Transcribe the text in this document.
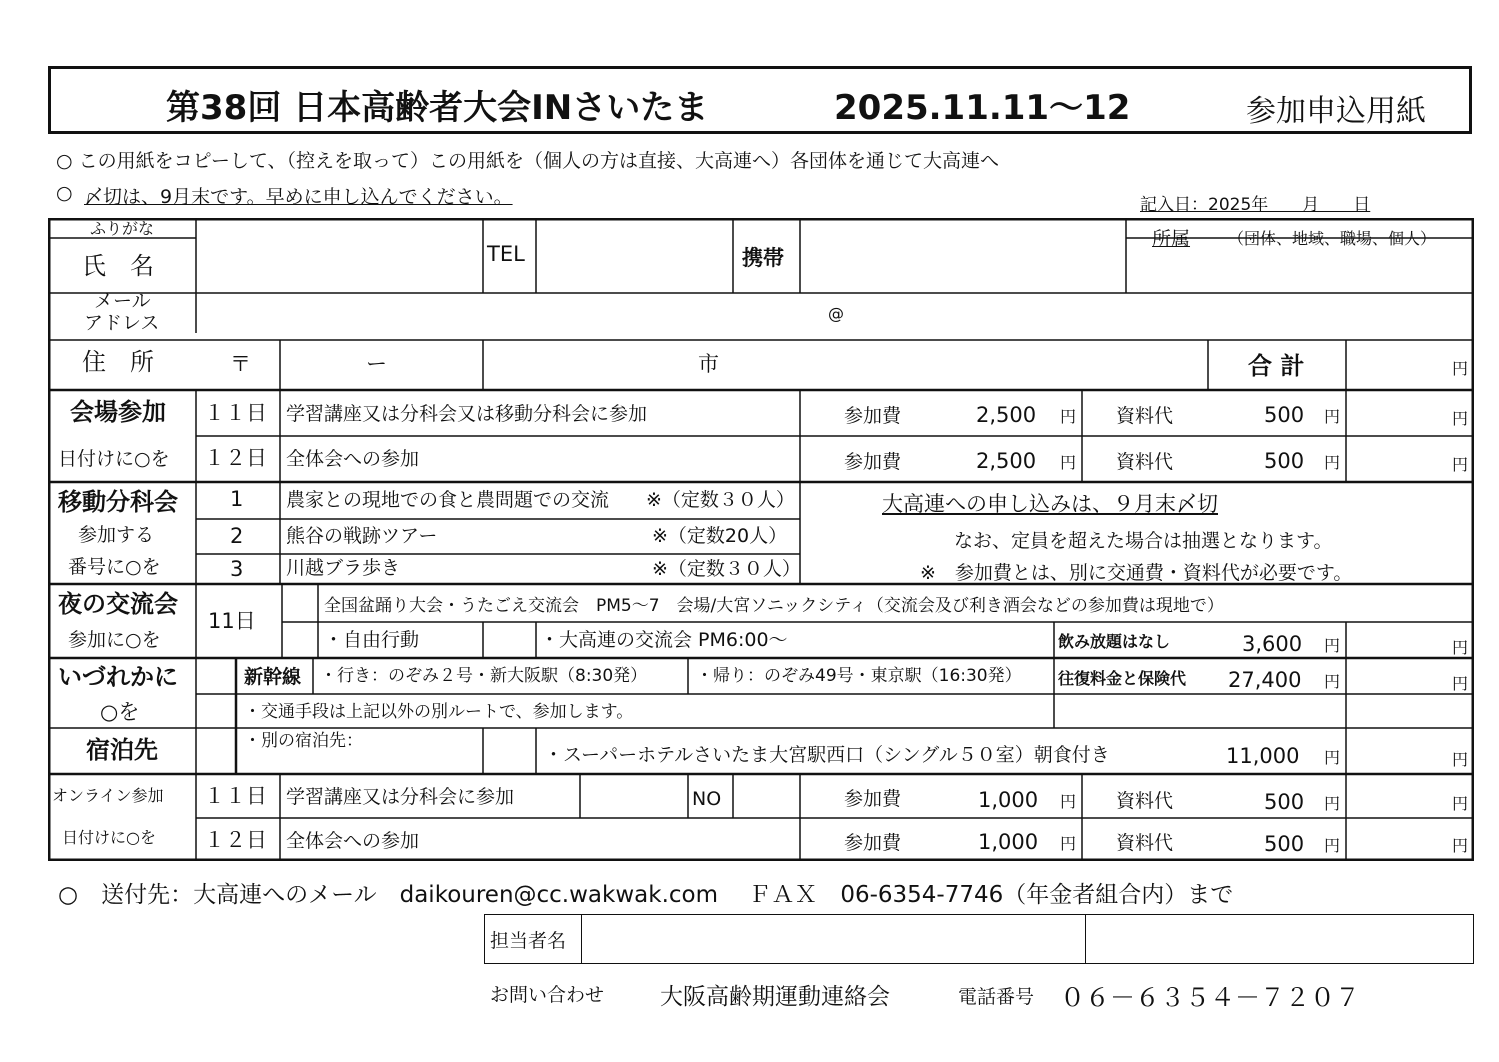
第38回 日本高齢者大会INさいたま	2025.11.11～12	参加申込用紙
○ この用紙をコピーして、（控えを取って）この用紙を（個人の方は直接、大高連へ）各団体を通じて大高連へ
○ 〆切は、9月末です。早めに申し込んでください。	記入日：2025年　　月　　日
ふりがな
氏　名	TEL	携帯
所属 （団体、地域、職場、個人）
メール
アドレス	@
住　所	〒	ー	市	合 計	円
会場参加
日付けに○を
１１日 学習講座又は分科会又は移動分科会に参加	参加費	2,500 円 資料代	500 円	円
１２日 全体会への参加	参加費	2,500 円 資料代	500 円	円
移動分科会
参加する
番号に○を
1 農家との現地での食と農問題での交流 ※（定数３０人）
2 熊谷の戦跡ツアー	※（定数20人）
3 川越ブラ歩き	※（定数３０人）
大高連への申し込みは、９月末〆切
なお、定員を超えた場合は抽選となります。
※　参加費とは、別に交通費・資料代が必要です。
夜の交流会
参加に○を
11日
全国盆踊り大会・うたごえ交流会　PM5～7　会場/大宮ソニックシティ（交流会及び利き酒会などの参加費は現地で）
・自由行動	・大高連の交流会 PM6:00～	飲み放題はなし	3,600 円	円
いづれかに
○を
新幹線 ・行き：のぞみ２号・新大阪駅（8:30発）	・帰り：のぞみ49号・東京駅（16:30発） 往復料金と保険代 27,400 円	円
・交通手段は上記以外の別ルートで、参加します。
宿泊先	・別の宿泊先：
・スーパーホテルさいたま大宮駅西口（シングル５０室）朝食付き	11,000 円	円
オンライン参加
日付けに○を
１１日 学習講座又は分科会に参加	NO	参加費	1,000 円 資料代	500 円	円
１２日 全体会への参加	参加費	1,000 円 資料代	500 円	円
○　送付先：大高連へのメール　daikouren@cc.wakwak.com　 ＦＡＸ　06-6354-7746（年金者組合内）まで
担当者名
お問い合わせ 大阪高齢期運動連絡会	電話番号 ０６－６３５４－７２０７
